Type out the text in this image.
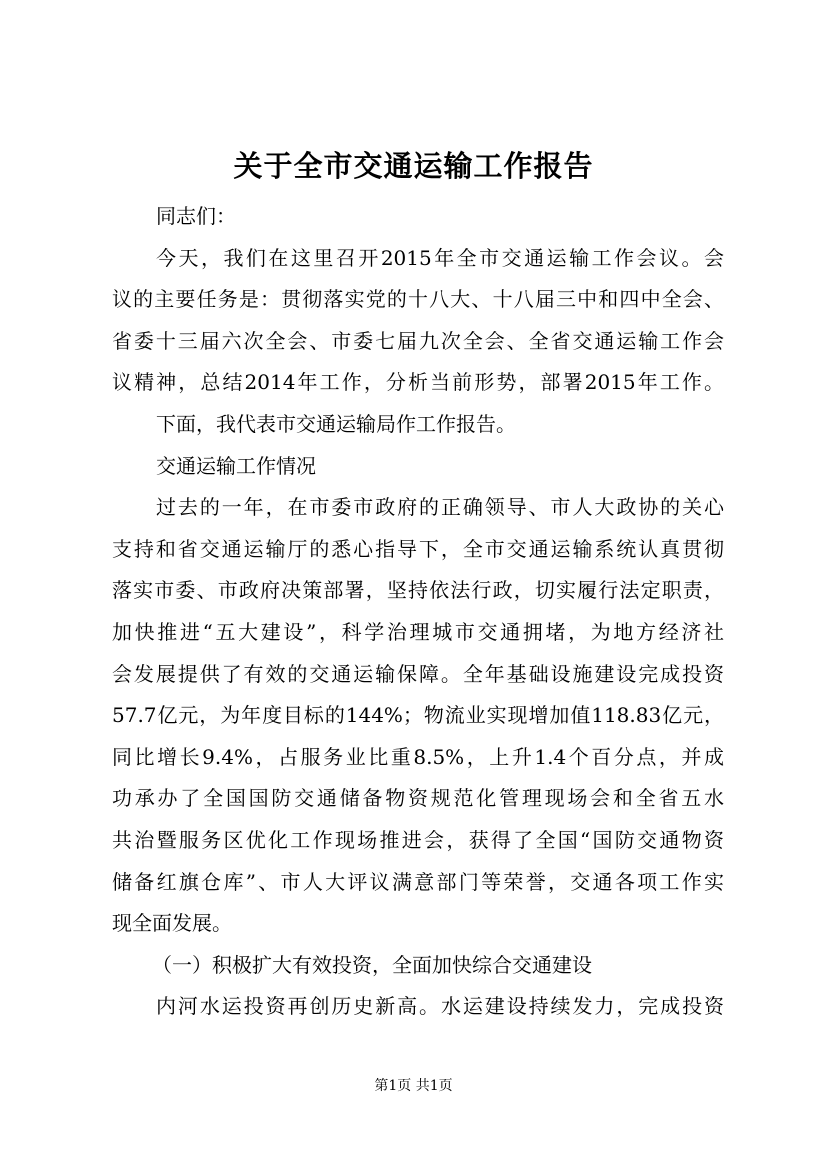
关于全市交通运输工作报告
同志们：
今天，我们在这里召开2015年全市交通运输工作会议。会
议的主要任务是：贯彻落实党的十八大、十八届三中和四中全会、
省委十三届六次全会、市委七届九次全会、全省交通运输工作会
议精神，总结2014年工作，分析当前形势，部署2015年工作。
下面，我代表市交通运输局作工作报告。
交通运输工作情况
过去的一年，在市委市政府的正确领导、市人大政协的关心
支持和省交通运输厅的悉心指导下，全市交通运输系统认真贯彻
落实市委、市政府决策部署，坚持依法行政，切实履行法定职责，
加快推进“五大建设”，科学治理城市交通拥堵，为地方经济社
会发展提供了有效的交通运输保障。全年基础设施建设完成投资
57.7亿元，为年度目标的144%；物流业实现增加值118.83亿元，
同比增长9.4%，占服务业比重8.5%，上升1.4个百分点，并成
功承办了全国国防交通储备物资规范化管理现场会和全省五水
共治暨服务区优化工作现场推进会，获得了全国“国防交通物资
储备红旗仓库”、市人大评议满意部门等荣誉，交通各项工作实
现全面发展。
（一）积极扩大有效投资，全面加快综合交通建设
内河水运投资再创历史新高。水运建设持续发力，完成投资
第1页 共1页
